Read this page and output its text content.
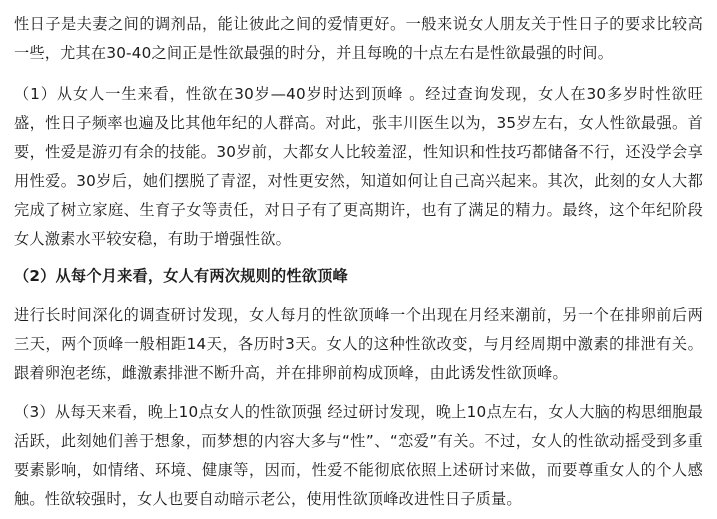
性日子是夫妻之间的调剂品，能让彼此之间的爱情更好。一般来说女人朋友关于性日子的要求比较高一些，尤其在30-40之间正是性欲最强的时分，并且每晚的十点左右是性欲最强的时间。

（1）从女人一生来看，性欲在30岁—40岁时达到顶峰 。经过查询发现，女人在30多岁时性欲旺盛，性日子频率也遍及比其他年纪的人群高。对此，张丰川医生以为，35岁左右，女人性欲最强。首要，性爱是游刃有余的技能。30岁前，大都女人比较羞涩，性知识和性技巧都储备不行，还没学会享用性爱。30岁后，她们摆脱了青涩，对性更安然，知道如何让自己高兴起来。其次，此刻的女人大都完成了树立家庭、生育子女等责任，对日子有了更高期许，也有了满足的精力。最终，这个年纪阶段女人激素水平较安稳，有助于增强性欲。

（2）从每个月来看，女人有两次规则的性欲顶峰

进行长时间深化的调查研讨发现，女人每月的性欲顶峰一个出现在月经来潮前，另一个在排卵前后两三天，两个顶峰一般相距14天，各历时3天。女人的这种性欲改变，与月经周期中激素的排泄有关。跟着卵泡老练，雌激素排泄不断升高，并在排卵前构成顶峰，由此诱发性欲顶峰。

（3）从每天来看，晚上10点女人的性欲顶强 经过研讨发现，晚上10点左右，女人大脑的构思细胞最活跃，此刻她们善于想象，而梦想的内容大多与“性”、“恋爱”有关。不过，女人的性欲动摇受到多重要素影响，如情绪、环境、健康等，因而，性爱不能彻底依照上述研讨来做，而要尊重女人的个人感触。性欲较强时，女人也要自动暗示老公，使用性欲顶峰改进性日子质量。
